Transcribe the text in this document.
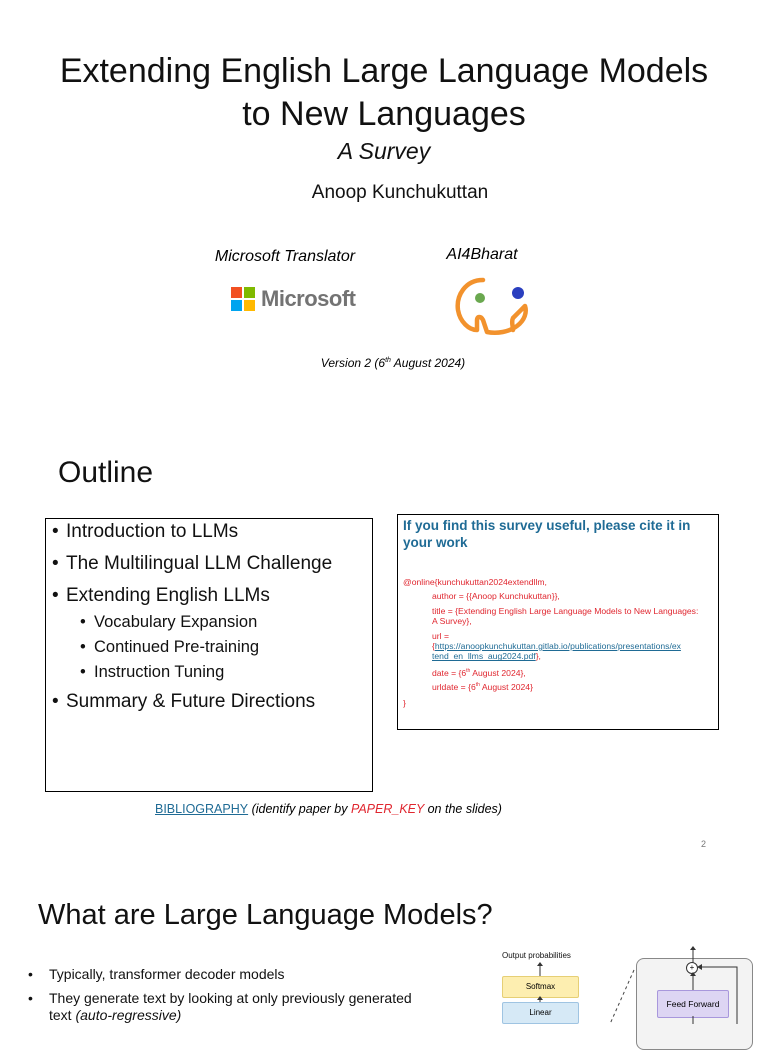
Extending English Large Language Models
to New Languages
A Survey
Anoop Kunchukuttan
Microsoft Translator	AI4Bharat
Microsoft
Version 2 (6th August 2024)
Outline
• Introduction to LLMs
• The Multilingual LLM Challenge
• Extending English LLMs
• Vocabulary Expansion
• Continued Pre-training
• Instruction Tuning
• Summary & Future Directions
If you find this survey useful, please cite it in your work
@online{kunchukuttan2024extendllm,
author = {{Anoop Kunchukuttan}},
title = {Extending English Large Language Models to New Languages:
A Survey},
url =
{https://anoopkunchukuttan.gitlab.io/publications/presentations/ex
tend_en_llms_aug2024.pdf},
date = {6th August 2024},
urldate = {6th August 2024}
}
BIBLIOGRAPHY (identify paper by PAPER_KEY on the slides)
2
What are Large Language Models?
• Typically, transformer decoder models
• They generate text by looking at only previously generated
text (auto-regressive)
Output probabilities
Softmax
Linear
+
Feed Forward
